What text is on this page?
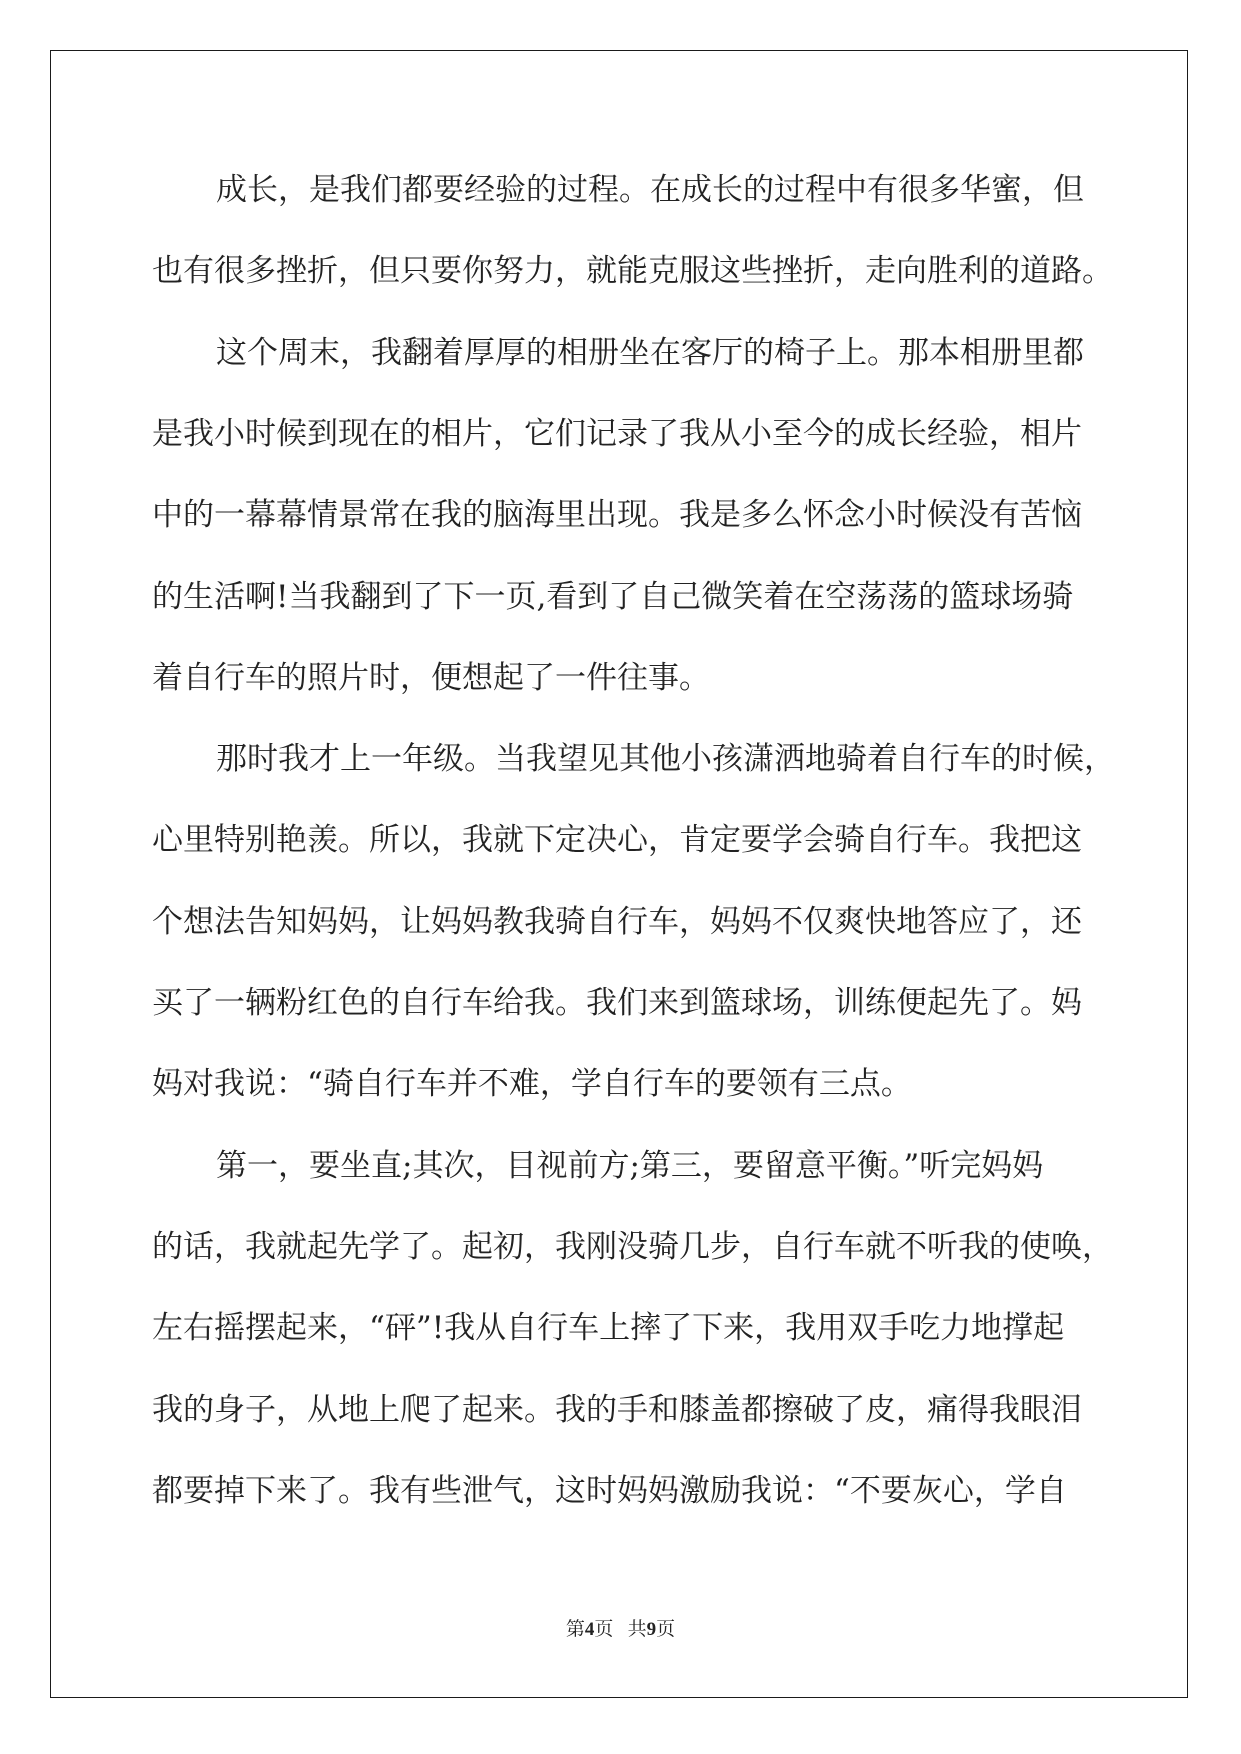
成长，是我们都要经验的过程。在成长的过程中有很多华蜜，但
也有很多挫折，但只要你努力，就能克服这些挫折，走向胜利的道路。
这个周末，我翻着厚厚的相册坐在客厅的椅子上。那本相册里都
是我小时候到现在的相片，它们记录了我从小至今的成长经验，相片
中的一幕幕情景常在我的脑海里出现。我是多么怀念小时候没有苦恼
的生活啊!当我翻到了下一页,看到了自己微笑着在空荡荡的篮球场骑
着自行车的照片时，便想起了一件往事。
那时我才上一年级。当我望见其他小孩潇洒地骑着自行车的时候，
心里特别艳羡。所以，我就下定决心，肯定要学会骑自行车。我把这
个想法告知妈妈，让妈妈教我骑自行车，妈妈不仅爽快地答应了，还
买了一辆粉红色的自行车给我。我们来到篮球场，训练便起先了。妈
妈对我说：“骑自行车并不难，学自行车的要领有三点。
第一，要坐直;其次，目视前方;第三，要留意平衡。”听完妈妈
的话，我就起先学了。起初，我刚没骑几步，自行车就不听我的使唤，
左右摇摆起来，“砰”!我从自行车上摔了下来，我用双手吃力地撑起
我的身子，从地上爬了起来。我的手和膝盖都擦破了皮，痛得我眼泪
都要掉下来了。我有些泄气，这时妈妈激励我说：“不要灰心，学自
第4页 共9页
